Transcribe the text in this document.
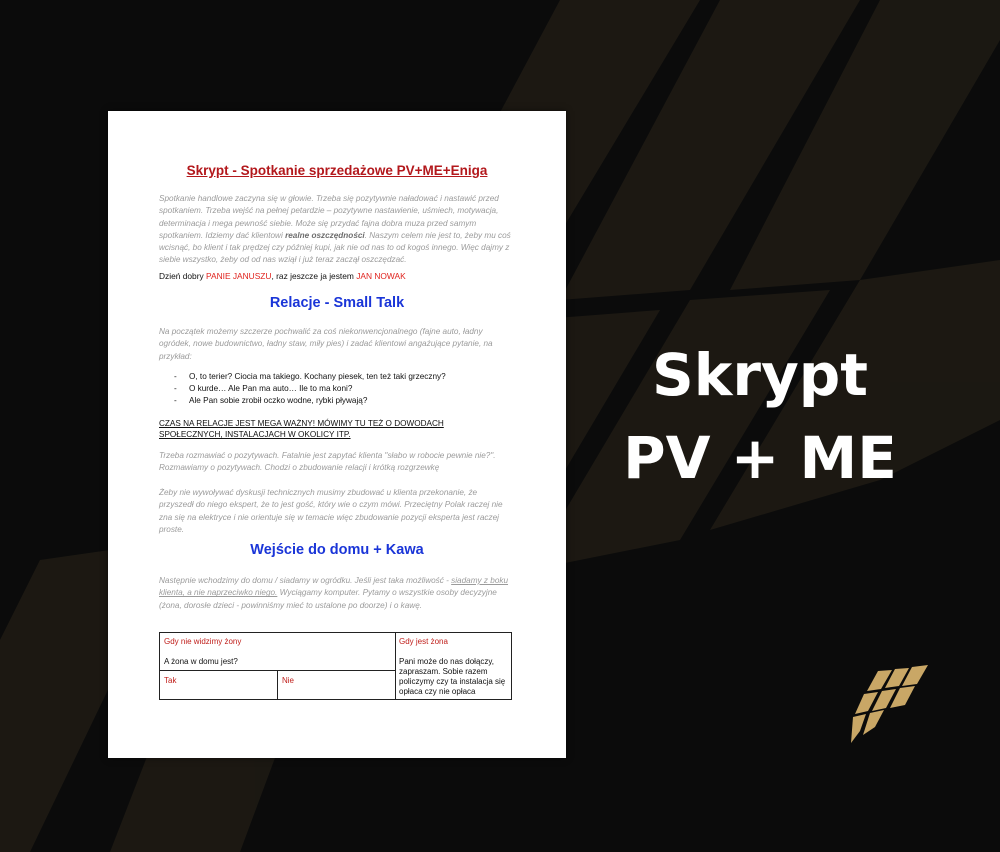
Skrypt - Spotkanie sprzedażowe PV+ME+Eniga
Spotkanie handlowe zaczyna się w głowie. Trzeba się pozytywnie naładować i nastawić przed spotkaniem. Trzeba wejść na pełnej petardzie – pozytywne nastawienie, uśmiech, motywacja, determinacja i mega pewność siebie. Może się przydać fajna dobra muza przed samym spotkaniem. Idziemy dać klientowi realne oszczędności. Naszym celem nie jest to, żeby mu coś wcisnąć, bo klient i tak prędzej czy później kupi, jak nie od nas to od kogoś innego. Więc dajmy z siebie wszystko, żeby od od nas wziął i już teraz zaczął oszczędzać.
Dzień dobry PANIE JANUSZU, raz jeszcze ja jestem JAN NOWAK
Relacje - Small Talk
Na początek możemy szczerze pochwalić za coś niekonwencjonalnego (fajne auto, ładny ogródek, nowe budownictwo, ładny staw, miły pies) i zadać klientowi angażujące pytanie, na przykład:
- O, to terier? Ciocia ma takiego. Kochany piesek, ten też taki grzeczny?
- O kurde… Ale Pan ma auto… Ile to ma koni?
- Ale Pan sobie zrobił oczko wodne, rybki pływają?
CZAS NA RELACJE JEST MEGA WAŻNY! MÓWIMY TU TEŻ O DOWODACH SPOŁECZNYCH, INSTALACJACH W OKOLICY ITP.
Trzeba rozmawiać o pozytywach. Fatalnie jest zapytać klienta "słabo w robocie pewnie nie?". Rozmawiamy o pozytywach. Chodzi o zbudowanie relacji i krótką rozgrzewkę
Żeby nie wywoływać dyskusji technicznych musimy zbudować u klienta przekonanie, że przyszedł do niego ekspert, że to jest gość, który wie o czym mówi. Przeciętny Polak raczej nie zna się na elektryce i nie orientuje się w temacie więc zbudowanie pozycji eksperta jest raczej proste.
Wejście do domu + Kawa
Następnie wchodzimy do domu / siadamy w ogródku. Jeśli jest taka możliwość - siadamy z boku klienta, a nie naprzeciwko niego. Wyciągamy komputer. Pytamy o wszystkie osoby decyzyjne (żona, dorosłe dzieci - powinniśmy mieć to ustalone po doorze) i o kawę.
Gdy nie widzimy żony
A żona w domu jest?
Tak	Nie
Gdy jest żona
Pani może do nas dołączy, zapraszam. Sobie razem policzymy czy ta instalacja się opłaca czy nie opłaca
Skrypt
PV + ME
